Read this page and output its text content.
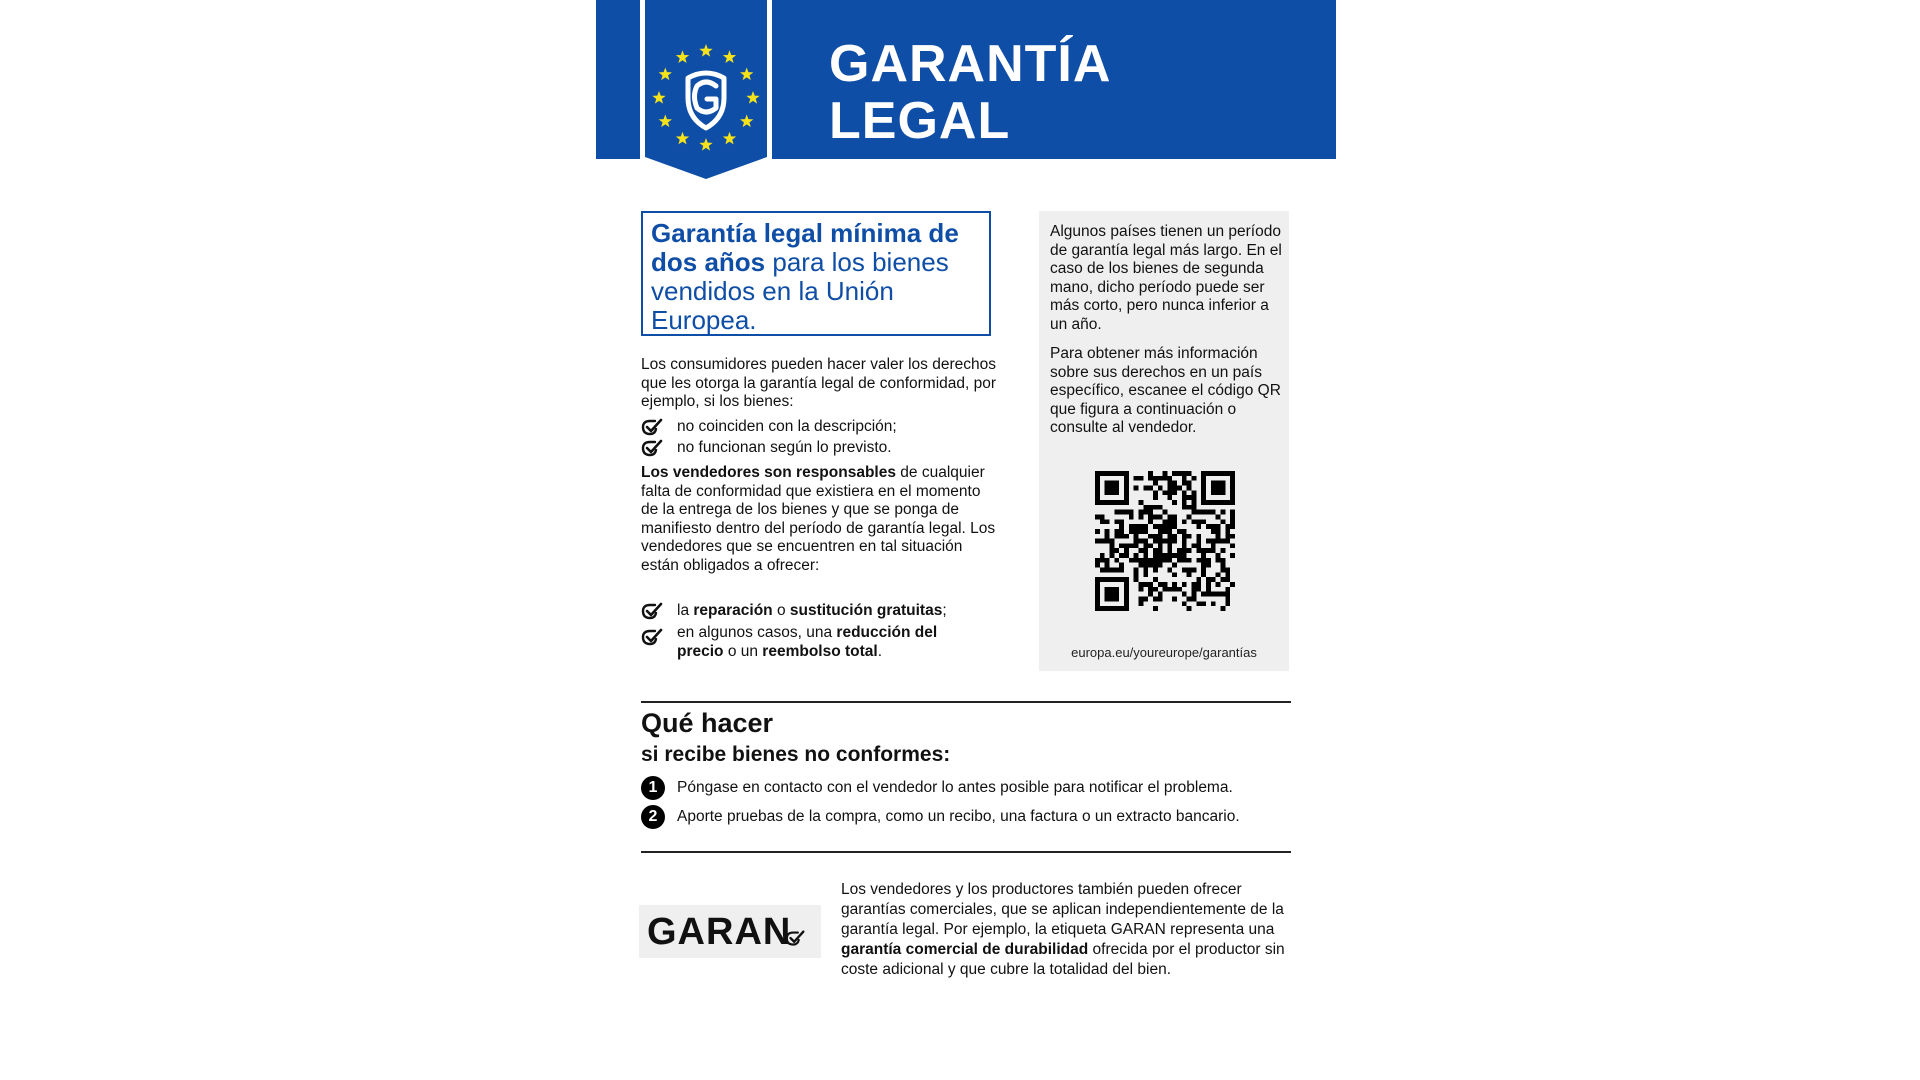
GARANTÍA
LEGAL
Garantía legal mínima de dos años para los bienes vendidos en la Unión Europea.
Los consumidores pueden hacer valer los derechos que les otorga la garantía legal de conformidad, por ejemplo, si los bienes:
no coinciden con la descripción;
no funcionan según lo previsto.
Los vendedores son responsables de cualquier falta de conformidad que existiera en el momento de la entrega de los bienes y que se ponga de manifiesto dentro del período de garantía legal. Los vendedores que se encuentren en tal situación están obligados a ofrecer:
la reparación o sustitución gratuitas;
en algunos casos, una reducción del precio o un reembolso total.
Algunos países tienen un período de garantía legal más largo. En el caso de los bienes de segunda mano, dicho período puede ser más corto, pero nunca inferior a un año.
Para obtener más información sobre sus derechos en un país específico, escanee el código QR que figura a continuación o consulte al vendedor.
europa.eu/youreurope/garantías
Qué hacer
si recibe bienes no conformes:
1	Póngase en contacto con el vendedor lo antes posible para notificar el problema.
2	Aporte pruebas de la compra, como un recibo, una factura o un extracto bancario.
GARAN
Los vendedores y los productores también pueden ofrecer garantías comerciales, que se aplican independientemente de la garantía legal. Por ejemplo, la etiqueta GARAN representa una garantía comercial de durabilidad ofrecida por el productor sin coste adicional y que cubre la totalidad del bien.
